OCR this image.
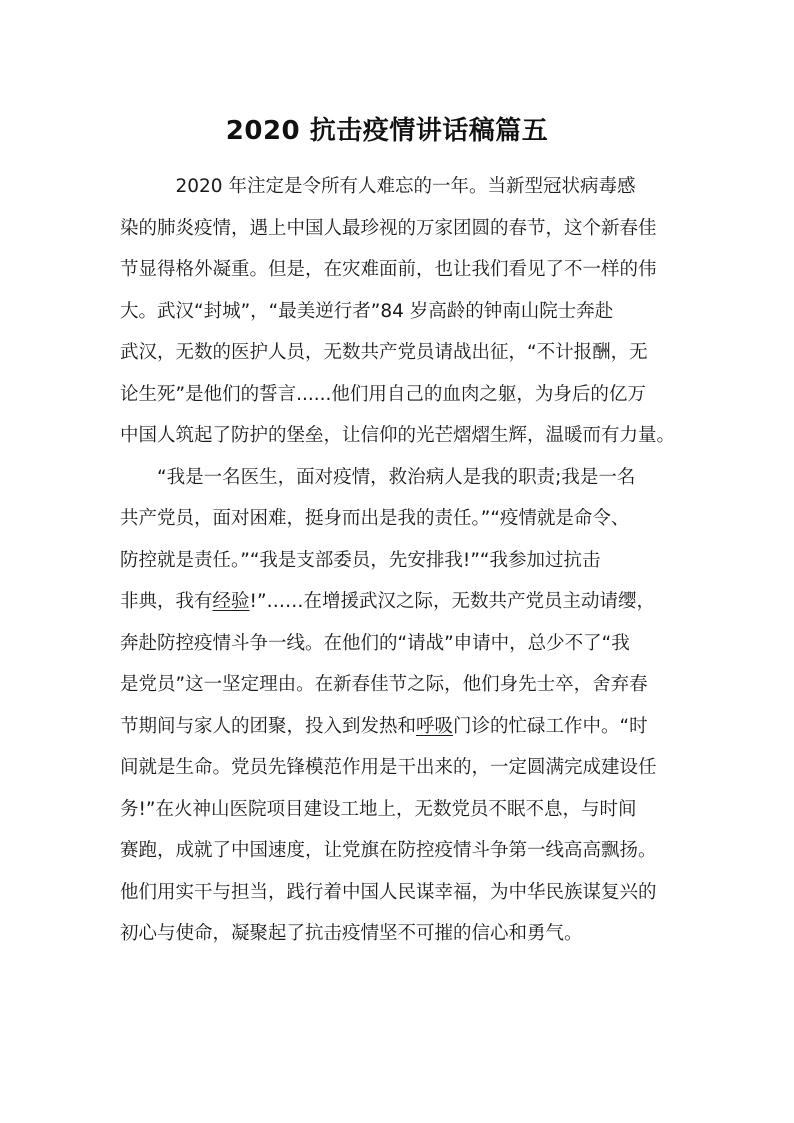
2020 抗击疫情讲话稿篇五
　　　2020 年注定是令所有人难忘的一年。当新型冠状病毒感
染的肺炎疫情，遇上中国人最珍视的万家团圆的春节，这个新春佳
节显得格外凝重。但是，在灾难面前，也让我们看见了不一样的伟
大。武汉“封城”，“最美逆行者”84 岁高龄的钟南山院士奔赴
武汉，无数的医护人员，无数共产党员请战出征，“不计报酬，无
论生死”是他们的誓言......他们用自己的血肉之躯，为身后的亿万
中国人筑起了防护的堡垒，让信仰的光芒熠熠生辉，温暖而有力量。
　　“我是一名医生，面对疫情，救治病人是我的职责;我是一名
共产党员，面对困难，挺身而出是我的责任。”“疫情就是命令、
防控就是责任。”“我是支部委员，先安排我!”“我参加过抗击
非典，我有经验!”……在增援武汉之际，无数共产党员主动请缨，
奔赴防控疫情斗争一线。在他们的“请战”申请中，总少不了“我
是党员”这一坚定理由。在新春佳节之际，他们身先士卒，舍弃春
节期间与家人的团聚，投入到发热和呼吸门诊的忙碌工作中。“时
间就是生命。党员先锋模范作用是干出来的，一定圆满完成建设任
务!”在火神山医院项目建设工地上，无数党员不眠不息，与时间
赛跑，成就了中国速度，让党旗在防控疫情斗争第一线高高飘扬。
他们用实干与担当，践行着中国人民谋幸福，为中华民族谋复兴的
初心与使命，凝聚起了抗击疫情坚不可摧的信心和勇气。
